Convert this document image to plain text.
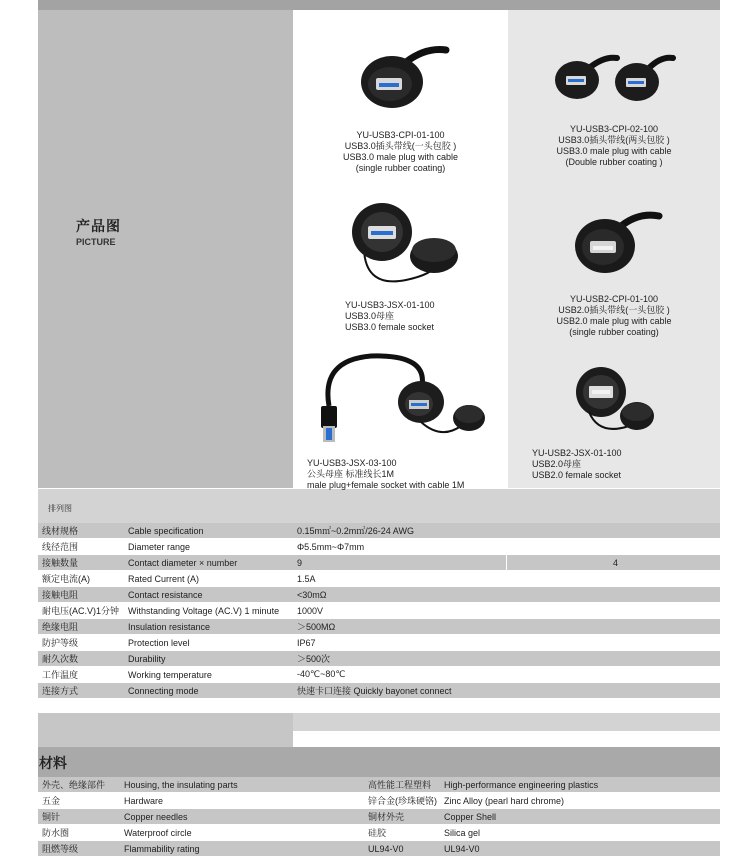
产品图
PICTURE
YU-USB3-CPI-01-100
USB3.0插头带线(一头包胶 )
USB3.0 male plug with cable
(single rubber coating)
YU-USB3-JSX-01-100
USB3.0母座
USB3.0 female socket
YU-USB3-JSX-03-100
公头母座 标准线长1M
male plug+female socket with cable 1M
YU-USB3-CPI-02-100
USB3.0插头带线(两头包胶 )
USB3.0 male plug with cable
(Double rubber coating )
YU-USB2-CPI-01-100
USB2.0插头带线(一头包胶 )
USB2.0 male plug with cable
(single rubber coating)
YU-USB2-JSX-01-100
USB2.0母座
USB2.0 female socket
排列图
线材规格	Cable specification	0.15m㎡~0.2m㎡/26-24 AWG	
线径范围	Diameter range	Φ5.5mm~Φ7mm	
接触数量	Contact diameter × number	9	4
额定电流(A)	Rated Current (A)	1.5A	
接触电阻	Contact resistance	<30mΩ	
耐电压(AC.V)1分钟	Withstanding Voltage (AC.V) 1 minute	1000V	
绝缘电阻	Insulation resistance	＞500MΩ	
防护等级	Protection level	IP67	
耐久次数	Durability	＞500次	
工作温度	Working temperature	-40℃~80℃	
连接方式	Connecting mode	快速卡口连接 Quickly bayonet connect	
材料
外壳、绝缘部件	Housing, the insulating parts	高性能工程塑料	High-performance engineering plastics
五金	Hardware	锌合金(珍珠硬铬)	Zinc Alloy (pearl hard chrome)
铜针	Copper needles	铜材外壳	Copper Shell
防水圈	Waterproof circle	硅胶	Silica gel
阻燃等级	Flammability rating	UL94-V0	UL94-V0
